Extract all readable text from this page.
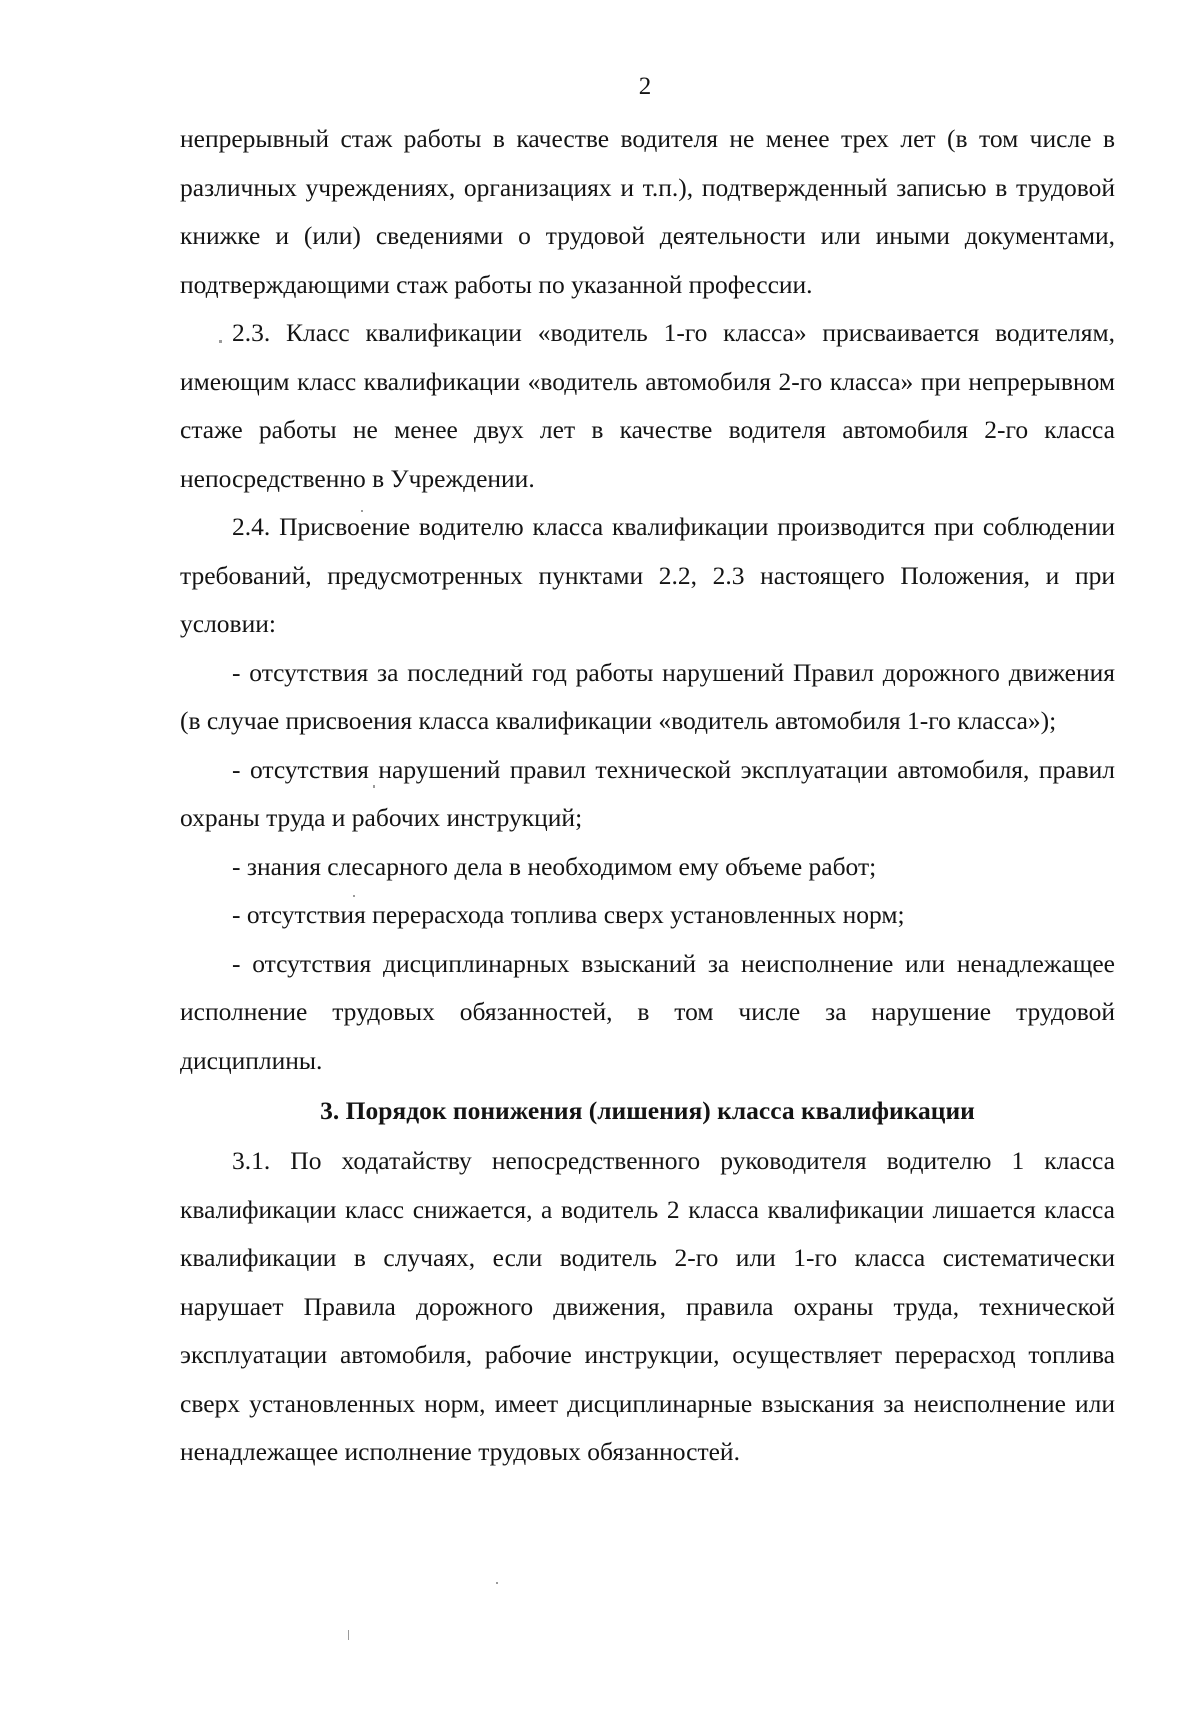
2

непрерывный стаж работы в качестве водителя не менее трех лет (в том числе в различных учреждениях, организациях и т.п.), подтвержденный записью в трудовой книжке и (или) сведениями о трудовой деятельности или иными документами, подтверждающими стаж работы по указанной профессии.

2.3. Класс квалификации «водитель 1-го класса» присваивается водителям, имеющим класс квалификации «водитель автомобиля 2-го класса» при непрерывном стаже работы не менее двух лет в качестве водителя автомобиля 2-го класса непосредственно в Учреждении.

2.4. Присвоение водителю класса квалификации производится при соблюдении требований, предусмотренных пунктами 2.2, 2.3 настоящего Положения, и при условии:

- отсутствия за последний год работы нарушений Правил дорожного движения (в случае присвоения класса квалификации «водитель автомобиля 1-го класса»);

- отсутствия нарушений правил технической эксплуатации автомобиля, правил охраны труда и рабочих инструкций;

- знания слесарного дела в необходимом ему объеме работ;

- отсутствия перерасхода топлива сверх установленных норм;

- отсутствия дисциплинарных взысканий за неисполнение или ненадлежащее исполнение трудовых обязанностей, в том числе за нарушение трудовой дисциплины.

3. Порядок понижения (лишения) класса квалификации

3.1. По ходатайству непосредственного руководителя водителю 1 класса квалификации класс снижается, а водитель 2 класса квалификации лишается класса квалификации в случаях, если водитель 2-го или 1-го класса систематически нарушает Правила дорожного движения, правила охраны труда, технической эксплуатации автомобиля, рабочие инструкции, осуществляет перерасход топлива сверх установленных норм, имеет дисциплинарные взыскания за неисполнение или ненадлежащее исполнение трудовых обязанностей.
